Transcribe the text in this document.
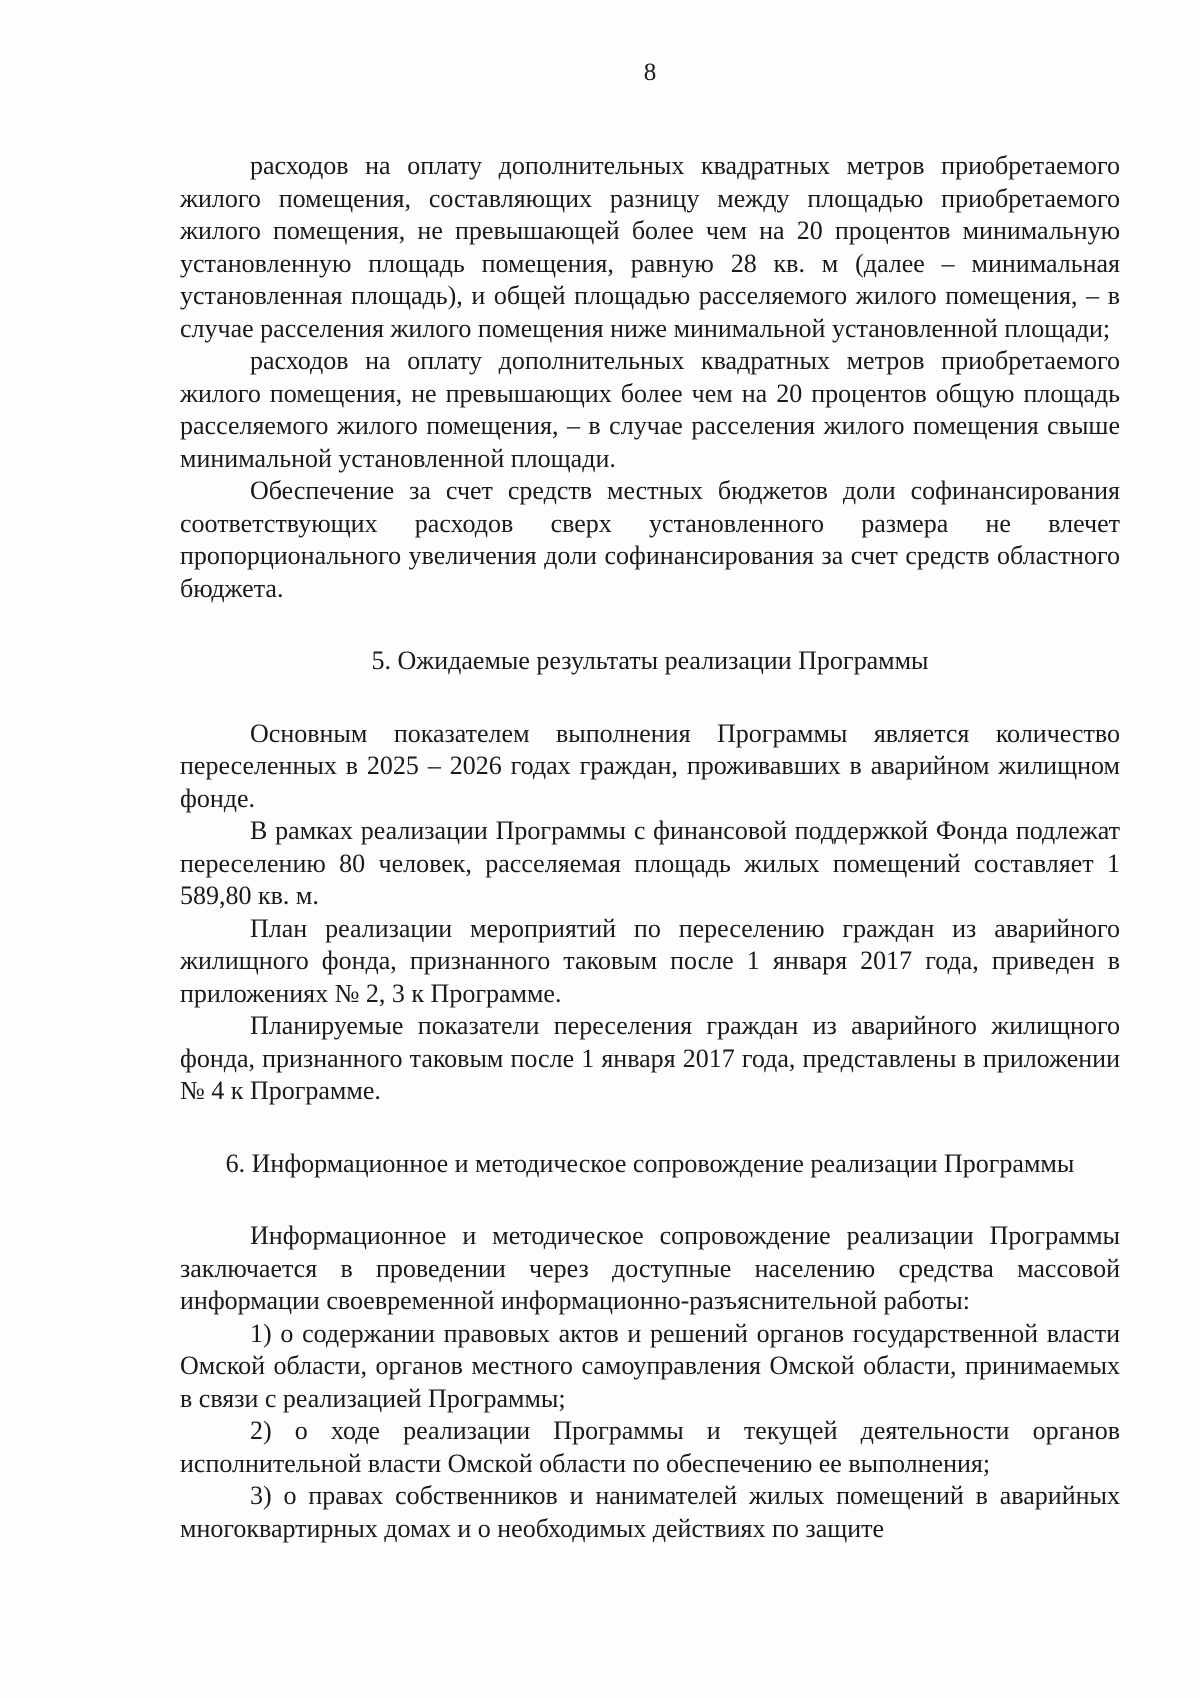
8

расходов на оплату дополнительных квадратных метров приобретаемого жилого помещения, составляющих разницу между площадью приобретаемого жилого помещения, не превышающей более чем на 20 процентов минимальную установленную площадь помещения, равную 28 кв. м (далее – минимальная установленная площадь), и общей площадью расселяемого жилого помещения, – в случае расселения жилого помещения ниже минимальной установленной площади;

расходов на оплату дополнительных квадратных метров приобретаемого жилого помещения, не превышающих более чем на 20 процентов общую площадь расселяемого жилого помещения, – в случае расселения жилого помещения свыше минимальной установленной площади.

Обеспечение за счет средств местных бюджетов доли софинансирования соответствующих расходов сверх установленного размера не влечет пропорционального увеличения доли софинансирования за счет средств областного бюджета.

5. Ожидаемые результаты реализации Программы

Основным показателем выполнения Программы является количество переселенных в 2025 – 2026 годах граждан, проживавших в аварийном жилищном фонде.

В рамках реализации Программы с финансовой поддержкой Фонда подлежат переселению 80 человек, расселяемая площадь жилых помещений составляет 1 589,80 кв. м.

План реализации мероприятий по переселению граждан из аварийного жилищного фонда, признанного таковым после 1 января 2017 года, приведен в приложениях № 2, 3 к Программе.

Планируемые показатели переселения граждан из аварийного жилищного фонда, признанного таковым после 1 января 2017 года, представлены в приложении № 4 к Программе.

6. Информационное и методическое сопровождение реализации Программы

Информационное и методическое сопровождение реализации Программы заключается в проведении через доступные населению средства массовой информации своевременной информационно-разъяснительной работы:

1) о содержании правовых актов и решений органов государственной власти Омской области, органов местного самоуправления Омской области, принимаемых в связи с реализацией Программы;

2) о ходе реализации Программы и текущей деятельности органов исполнительной власти Омской области по обеспечению ее выполнения;

3) о правах собственников и нанимателей жилых помещений в аварийных многоквартирных домах и о необходимых действиях по защите
